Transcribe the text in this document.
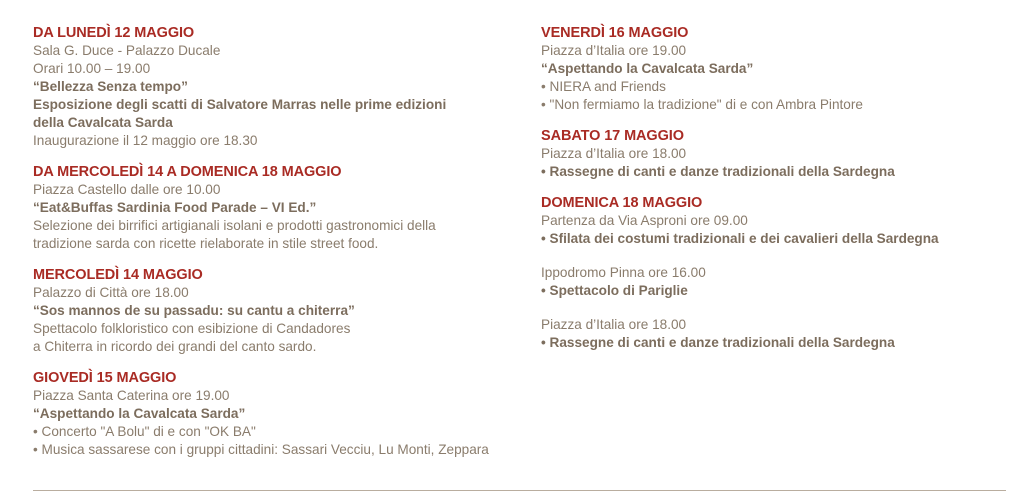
DA LUNEDÌ 12 MAGGIO
Sala G. Duce - Palazzo Ducale
Orari 10.00 – 19.00
“Bellezza Senza tempo”
Esposizione degli scatti di Salvatore Marras nelle prime edizioni
della Cavalcata Sarda
Inaugurazione il 12 maggio ore 18.30
DA MERCOLEDÌ 14 A DOMENICA 18 MAGGIO
Piazza Castello dalle ore 10.00
“Eat&Buffas Sardinia Food Parade – VI Ed.”
Selezione dei birrifici artigianali isolani e prodotti gastronomici della
tradizione sarda con ricette rielaborate in stile street food.
MERCOLEDÌ 14 MAGGIO
Palazzo di Città ore 18.00
“Sos mannos de su passadu: su cantu a chiterra”
Spettacolo folkloristico con esibizione di Candadores
a Chiterra in ricordo dei grandi del canto sardo.
GIOVEDÌ 15 MAGGIO
Piazza Santa Caterina ore 19.00
“Aspettando la Cavalcata Sarda”
• Concerto "A Bolu" di e con "OK BA"
• Musica sassarese con i gruppi cittadini: Sassari Vecciu, Lu Monti, Zeppara
VENERDÌ 16 MAGGIO
Piazza d’Italia ore 19.00
“Aspettando la Cavalcata Sarda”
• NIERA and Friends
• "Non fermiamo la tradizione" di e con Ambra Pintore
SABATO 17 MAGGIO
Piazza d’Italia ore 18.00
• Rassegne di canti e danze tradizionali della Sardegna
DOMENICA 18 MAGGIO
Partenza da Via Asproni ore 09.00
• Sfilata dei costumi tradizionali e dei cavalieri della Sardegna
Ippodromo Pinna ore 16.00
• Spettacolo di Pariglie
Piazza d’Italia ore 18.00
• Rassegne di canti e danze tradizionali della Sardegna
